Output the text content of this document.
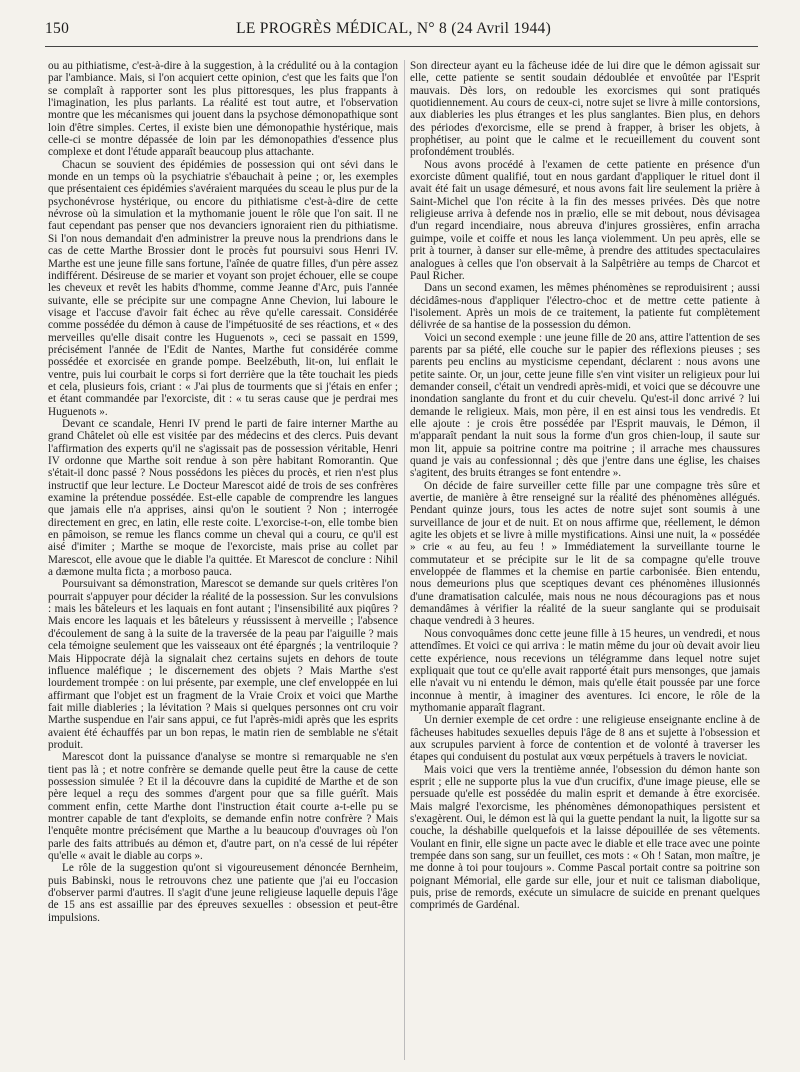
150	LE PROGRÈS MÉDICAL, N° 8 (24 Avril 1944)

ou au pithiatisme, c'est-à-dire à la suggestion, à la crédulité ou à la contagion par l'ambiance. Mais, si l'on acquiert cette opinion, c'est que les faits que l'on se complaît à rapporter sont les plus pittoresques, les plus frappants à l'imagination, les plus parlants. La réalité est tout autre, et l'observation montre que les mécanismes qui jouent dans la psychose démonopathique sont loin d'être simples. Certes, il existe bien une démonopathie hystérique, mais celle-ci se montre dépassée de loin par les démonopathies d'essence plus complexe et dont l'étude apparaît beaucoup plus attachante.

Chacun se souvient des épidémies de possession qui ont sévi dans le monde en un temps où la psychiatrie s'ébauchait à peine ; or, les exemples que présentaient ces épidémies s'avéraient marquées du sceau le plus pur de la psychonévrose hystérique, ou encore du pithiatisme c'est-à-dire de cette névrose où la simulation et la mythomanie jouent le rôle que l'on sait. Il ne faut cependant pas penser que nos devanciers ignoraient rien du pithiatisme. Si l'on nous demandait d'en administrer la preuve nous la prendrions dans le cas de cette Marthe Brossier dont le procès fut poursuivi sous Henri IV. Marthe est une jeune fille sans fortune, l'aînée de quatre filles, d'un père assez indifférent. Désireuse de se marier et voyant son projet échouer, elle se coupe les cheveux et revêt les habits d'homme, comme Jeanne d'Arc, puis l'année suivante, elle se précipite sur une compagne Anne Chevion, lui laboure le visage et l'accuse d'avoir fait échec au rêve qu'elle caressait. Considérée comme possédée du démon à cause de l'impétuosité de ses réactions, et « des merveilles qu'elle disait contre les Huguenots », ceci se passait en 1599, précisément l'année de l'Edit de Nantes, Marthe fut considérée comme possédée et exorcisée en grande pompe. Beelzébuth, lit-on, lui enflait le ventre, puis lui courbait le corps si fort derrière que la tête touchait les pieds et cela, plusieurs fois, criant : « J'ai plus de tourments que si j'étais en enfer ; et étant commandée par l'exorciste, dit : « tu seras cause que je perdrai mes Huguenots ».

Devant ce scandale, Henri IV prend le parti de faire interner Marthe au grand Châtelet où elle est visitée par des médecins et des clercs. Puis devant l'affirmation des experts qu'il ne s'agissait pas de possession véritable, Henri IV ordonne que Marthe soit rendue à son père habitant Romorantin. Que s'était-il donc passé ? Nous possédons les pièces du procès, et rien n'est plus instructif que leur lecture. Le Docteur Marescot aidé de trois de ses confrères examine la prétendue possédée. Est-elle capable de comprendre les langues que jamais elle n'a apprises, ainsi qu'on le soutient ? Non ; interrogée directement en grec, en latin, elle reste coite. L'exorcise-t-on, elle tombe bien en pâmoison, se remue les flancs comme un cheval qui a couru, ce qu'il est aisé d'imiter ; Marthe se moque de l'exorciste, mais prise au collet par Marescot, elle avoue que le diable l'a quittée. Et Marescot de conclure : Nihil a dæmone multa ficta ; a morboso pauca.

Poursuivant sa démonstration, Marescot se demande sur quels critères l'on pourrait s'appuyer pour décider la réalité de la possession. Sur les convulsions : mais les bâteleurs et les laquais en font autant ; l'insensibilité aux piqûres ? Mais encore les laquais et les bâteleurs y réussissent à merveille ; l'absence d'écoulement de sang à la suite de la traversée de la peau par l'aiguille ? mais cela témoigne seulement que les vaisseaux ont été épargnés ; la ventriloquie ? Mais Hippocrate déjà la signalait chez certains sujets en dehors de toute influence maléfique ; le discernement des objets ? Mais Marthe s'est lourdement trompée : on lui présente, par exemple, une clef enveloppée en lui affirmant que l'objet est un fragment de la Vraie Croix et voici que Marthe fait mille diableries ; la lévitation ? Mais si quelques personnes ont cru voir Marthe suspendue en l'air sans appui, ce fut l'après-midi après que les esprits avaient été échauffés par un bon repas, le matin rien de semblable ne s'était produit.

Marescot dont la puissance d'analyse se montre si remarquable ne s'en tient pas là ; et notre confrère se demande quelle peut être la cause de cette possession simulée ? Et il la découvre dans la cupidité de Marthe et de son père lequel a reçu des sommes d'argent pour que sa fille guérît. Mais comment enfin, cette Marthe dont l'instruction était courte a-t-elle pu se montrer capable de tant d'exploits, se demande enfin notre confrère ? Mais l'enquête montre précisément que Marthe a lu beaucoup d'ouvrages où l'on parle des faits attribués au démon et, d'autre part, on n'a cessé de lui répéter qu'elle « avait le diable au corps ».

Le rôle de la suggestion qu'ont si vigoureusement dénoncée Bernheim, puis Babinski, nous le retrouvons chez une patiente que j'ai eu l'occasion d'observer parmi d'autres. Il s'agit d'une jeune religieuse laquelle depuis l'âge de 15 ans est assaillie par des épreuves sexuelles : obsession et peut-être impulsions.

Son directeur ayant eu la fâcheuse idée de lui dire que le démon agissait sur elle, cette patiente se sentit soudain dédoublée et envoûtée par l'Esprit mauvais. Dès lors, on redouble les exorcismes qui sont pratiqués quotidiennement. Au cours de ceux-ci, notre sujet se livre à mille contorsions, aux diableries les plus étranges et les plus sanglantes. Bien plus, en dehors des périodes d'exorcisme, elle se prend à frapper, à briser les objets, à prophétiser, au point que le calme et le recueillement du couvent sont profondément troublés.

Nous avons procédé à l'examen de cette patiente en présence d'un exorciste dûment qualifié, tout en nous gardant d'appliquer le rituel dont il avait été fait un usage démesuré, et nous avons fait lire seulement la prière à Saint-Michel que l'on récite à la fin des messes privées. Dès que notre religieuse arriva à defende nos in prælio, elle se mit debout, nous dévisagea d'un regard incendiaire, nous abreuva d'injures grossières, enfin arracha guimpe, voile et coiffe et nous les lança violemment. Un peu après, elle se prit à tourner, à danser sur elle-même, à prendre des attitudes spectaculaires analogues à celles que l'on observait à la Salpêtrière au temps de Charcot et Paul Richer.

Dans un second examen, les mêmes phénomènes se reproduisirent ; aussi décidâmes-nous d'appliquer l'électro-choc et de mettre cette patiente à l'isolement. Après un mois de ce traitement, la patiente fut complètement délivrée de sa hantise de la possession du démon.

Voici un second exemple : une jeune fille de 20 ans, attire l'attention de ses parents par sa piété, elle couche sur le papier des réflexions pieuses ; ses parents peu enclins au mysticisme cependant, déclarent : nous avons une petite sainte. Or, un jour, cette jeune fille s'en vint visiter un religieux pour lui demander conseil, c'était un vendredi après-midi, et voici que se découvre une inondation sanglante du front et du cuir chevelu. Qu'est-il donc arrivé ? lui demande le religieux. Mais, mon père, il en est ainsi tous les vendredis. Et elle ajoute : je crois être possédée par l'Esprit mauvais, le Démon, il m'apparaît pendant la nuit sous la forme d'un gros chien-loup, il saute sur mon lit, appuie sa poitrine contre ma poitrine ; il arrache mes chaussures quand je vais au confessionnal ; dès que j'entre dans une église, les chaises s'agitent, des bruits étranges se font entendre ».

On décide de faire surveiller cette fille par une compagne très sûre et avertie, de manière à être renseigné sur la réalité des phénomènes allégués. Pendant quinze jours, tous les actes de notre sujet sont soumis à une surveillance de jour et de nuit. Et on nous affirme que, réellement, le démon agite les objets et se livre à mille mystifications. Ainsi une nuit, la « possédée » crie « au feu, au feu ! » Immédiatement la surveillante tourne le commutateur et se précipite sur le lit de sa compagne qu'elle trouve enveloppée de flammes et la chemise en partie carbonisée. Bien entendu, nous demeurions plus que sceptiques devant ces phénomènes illusionnés d'une dramatisation calculée, mais nous ne nous découragions pas et nous demandâmes à vérifier la réalité de la sueur sanglante qui se produisait chaque vendredi à 3 heures.

Nous convoquâmes donc cette jeune fille à 15 heures, un vendredi, et nous attendîmes. Et voici ce qui arriva : le matin même du jour où devait avoir lieu cette expérience, nous recevions un télégramme dans lequel notre sujet expliquait que tout ce qu'elle avait rapporté était purs mensonges, que jamais elle n'avait vu ni entendu le démon, mais qu'elle était poussée par une force inconnue à mentir, à imaginer des aventures. Ici encore, le rôle de la mythomanie apparaît flagrant.

Un dernier exemple de cet ordre : une religieuse enseignante encline à de fâcheuses habitudes sexuelles depuis l'âge de 8 ans et sujette à l'obsession et aux scrupules parvient à force de contention et de volonté à traverser les étapes qui conduisent du postulat aux vœux perpétuels à travers le noviciat.

Mais voici que vers la trentième année, l'obsession du démon hante son esprit ; elle ne supporte plus la vue d'un crucifix, d'une image pieuse, elle se persuade qu'elle est possédée du malin esprit et demande à être exorcisée. Mais malgré l'exorcisme, les phénomènes démonopathiques persistent et s'exagèrent. Oui, le démon est là qui la guette pendant la nuit, la ligotte sur sa couche, la déshabille quelquefois et la laisse dépouillée de ses vêtements. Voulant en finir, elle signe un pacte avec le diable et elle trace avec une pointe trempée dans son sang, sur un feuillet, ces mots : « Oh ! Satan, mon maître, je me donne à toi pour toujours ». Comme Pascal portait contre sa poitrine son poignant Mémorial, elle garde sur elle, jour et nuit ce talisman diabolique, puis, prise de remords, exécute un simulacre de suicide en prenant quelques comprimés de Gardénal.
